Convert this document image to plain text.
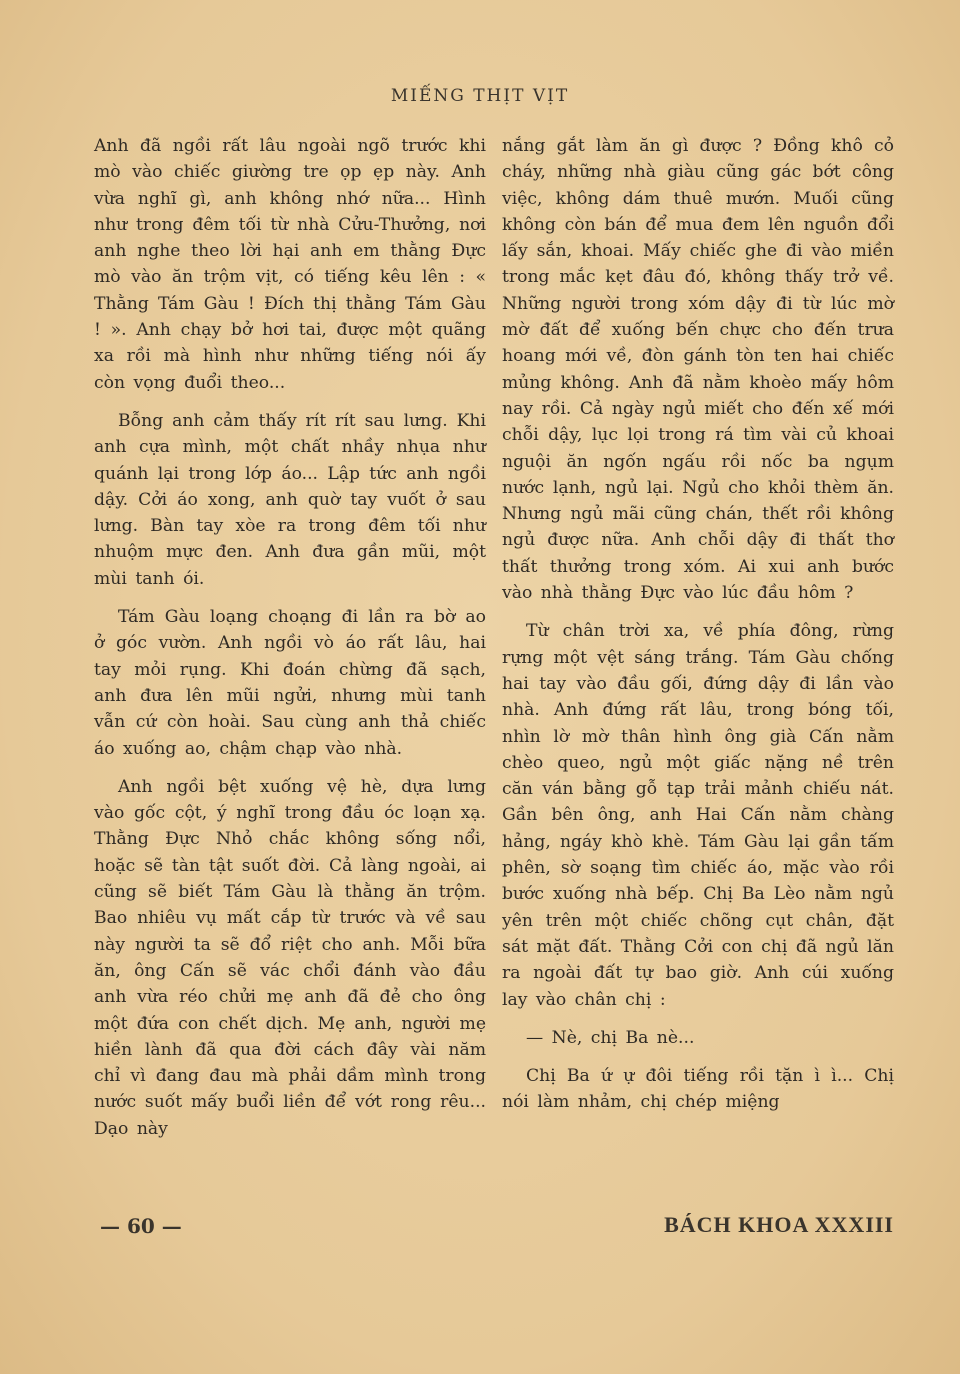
MIẾNG THỊT VỊT

Anh đã ngồi rất lâu ngoài ngõ trước khi mò vào chiếc giường tre ọp ẹp này. Anh vừa nghĩ gì, anh không nhớ nữa... Hình như trong đêm tối từ nhà Cửu-Thưởng, nơi anh nghe theo lời hại anh em thằng Đực mò vào ăn trộm vịt, có tiếng kêu lên : « Thằng Tám Gàu ! Đích thị thằng Tám Gàu ! ». Anh chạy bở hơi tai, được một quãng xa rồi mà hình như những tiếng nói ấy còn vọng đuổi theo...

Bỗng anh cảm thấy rít rít sau lưng. Khi anh cựa mình, một chất nhầy nhụa như quánh lại trong lớp áo... Lập tức anh ngồi dậy. Cởi áo xong, anh quờ tay vuốt ở sau lưng. Bàn tay xòe ra trong đêm tối như nhuộm mực đen. Anh đưa gần mũi, một mùi tanh ói.

Tám Gàu loạng choạng đi lần ra bờ ao ở góc vườn. Anh ngồi vò áo rất lâu, hai tay mỏi rụng. Khi đoán chừng đã sạch, anh đưa lên mũi ngửi, nhưng mùi tanh vẫn cứ còn hoài. Sau cùng anh thả chiếc áo xuống ao, chậm chạp vào nhà.

Anh ngồi bệt xuống vệ hè, dựa lưng vào gốc cột, ý nghĩ trong đầu óc loạn xạ. Thằng Đực Nhỏ chắc không sống nổi, hoặc sẽ tàn tật suốt đời. Cả làng ngoài, ai cũng sẽ biết Tám Gàu là thằng ăn trộm. Bao nhiêu vụ mất cắp từ trước và về sau này người ta sẽ đổ riệt cho anh. Mỗi bữa ăn, ông Cấn sẽ vác chổi đánh vào đầu anh vừa réo chửi mẹ anh đã đẻ cho ông một đứa con chết dịch. Mẹ anh, người mẹ hiền lành đã qua đời cách đây vài năm chỉ vì đang đau mà phải dầm mình trong nước suốt mấy buổi liền để vớt rong rêu... Dạo này

nắng gắt làm ăn gì được ? Đồng khô cỏ cháy, những nhà giàu cũng gác bớt công việc, không dám thuê mướn. Muối cũng không còn bán để mua đem lên nguồn đổi lấy sắn, khoai. Mấy chiếc ghe đi vào miền trong mắc kẹt đâu đó, không thấy trở về. Những người trong xóm dậy đi từ lúc mờ mờ đất để xuống bến chực cho đến trưa hoang mới về, đòn gánh tòn ten hai chiếc mủng không. Anh đã nằm khoèo mấy hôm nay rồi. Cả ngày ngủ miết cho đến xế mới chỗi dậy, lục lọi trong rá tìm vài củ khoai nguội ăn ngốn ngấu rồi nốc ba ngụm nước lạnh, ngủ lại. Ngủ cho khỏi thèm ăn. Nhưng ngủ mãi cũng chán, thết rồi không ngủ được nữa. Anh chỗi dậy đi thất thơ thất thưởng trong xóm. Ai xui anh bước vào nhà thằng Đực vào lúc đầu hôm ?

Từ chân trời xa, về phía đông, rừng rựng một vệt sáng trắng. Tám Gàu chống hai tay vào đầu gối, đứng dậy đi lần vào nhà. Anh đứng rất lâu, trong bóng tối, nhìn lờ mờ thân hình ông già Cấn nằm chèo queo, ngủ một giấc nặng nề trên căn ván bằng gỗ tạp trải mảnh chiếu nát. Gần bên ông, anh Hai Cấn nằm chàng hảng, ngáy khò khè. Tám Gàu lại gần tấm phên, sờ soạng tìm chiếc áo, mặc vào rồi bước xuống nhà bếp. Chị Ba Lèo nằm ngủ yên trên một chiếc chõng cụt chân, đặt sát mặt đất. Thằng Cởi con chị đã ngủ lăn ra ngoài đất tự bao giờ. Anh cúi xuống lay vào chân chị :

— Nè, chị Ba nè...

Chị Ba ứ ự đôi tiếng rồi tặn ì ì... Chị nói làm nhảm, chị chép miệng

— 60 —	BÁCH KHOA XXXIII
